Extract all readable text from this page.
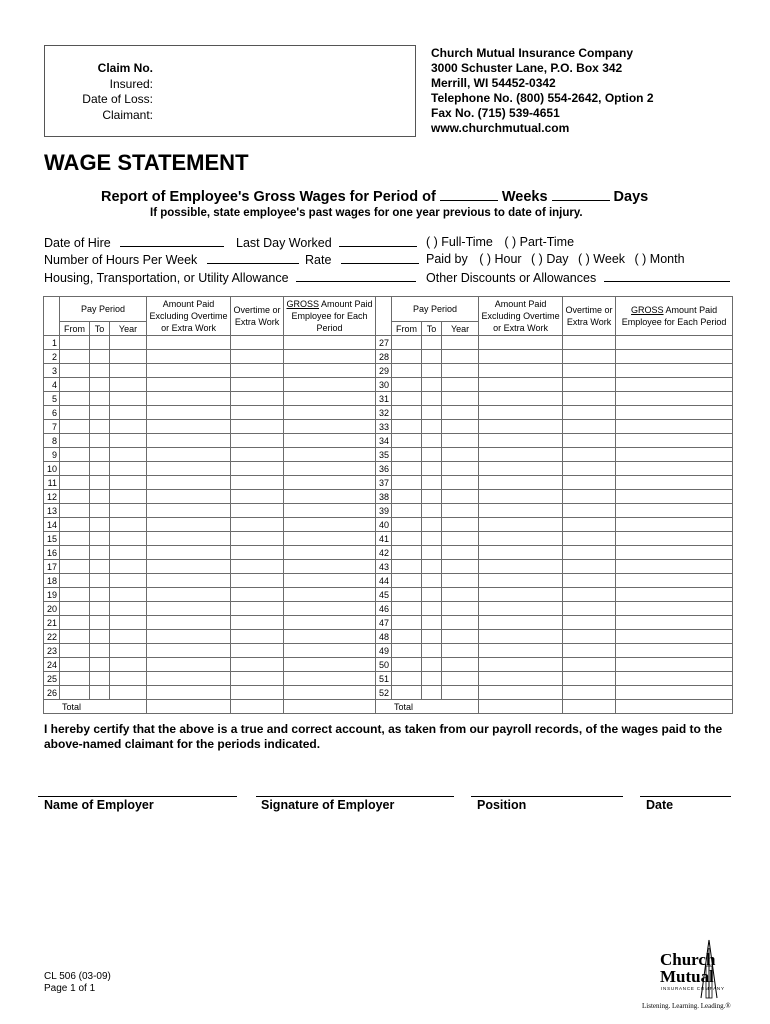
Claim No.
Insured:
Date of Loss:
Claimant:
Church Mutual Insurance Company
3000 Schuster Lane, P.O. Box 342
Merrill, WI 54452-0342
Telephone No. (800) 554-2642, Option 2
Fax No. (715) 539-4651
www.churchmutual.com
WAGE STATEMENT
Report of Employee's Gross Wages for Period of	Weeks	Days
If possible, state employee's past wages for one year previous to date of injury.
Date of Hire	Last Day Worked	( ) Full-Time ( ) Part-Time
Number of Hours Per Week	Rate	Paid by ( ) Hour ( ) Day ( ) Week ( ) Month
Housing, Transportation, or Utility Allowance	Other Discounts or Allowances
	Pay Period			Amount Paid Excluding Overtime or Extra Work	Overtime or Extra Work	GROSS Amount Paid Employee for Each Period		Pay Period			Amount Paid Excluding Overtime or Extra Work	Overtime or Extra Work	GROSS Amount Paid Employee for Each Period
	From	To	Year					From	To	Year			
1							27						
2							28						
3							29						
4							30						
5							31						
6							32						
7							33						
8							34						
9							35						
10							36						
11							37						
12							38						
13							39						
14							40						
15							41						
16							42						
17							43						
18							44						
19							45						
20							46						
21							47						
22							48						
23							49						
24							50						
25							51						
26							52						
Total							Total						
I hereby certify that the above is a true and correct account, as taken from our payroll records, of the wages paid to the above-named claimant for the periods indicated.
Name of Employer	Signature of Employer	Position	Date
CL 506 (03-09)
Page 1 of 1
Church
Mutual
INSURANCE COMPANY
Listening. Learning. Leading.®
